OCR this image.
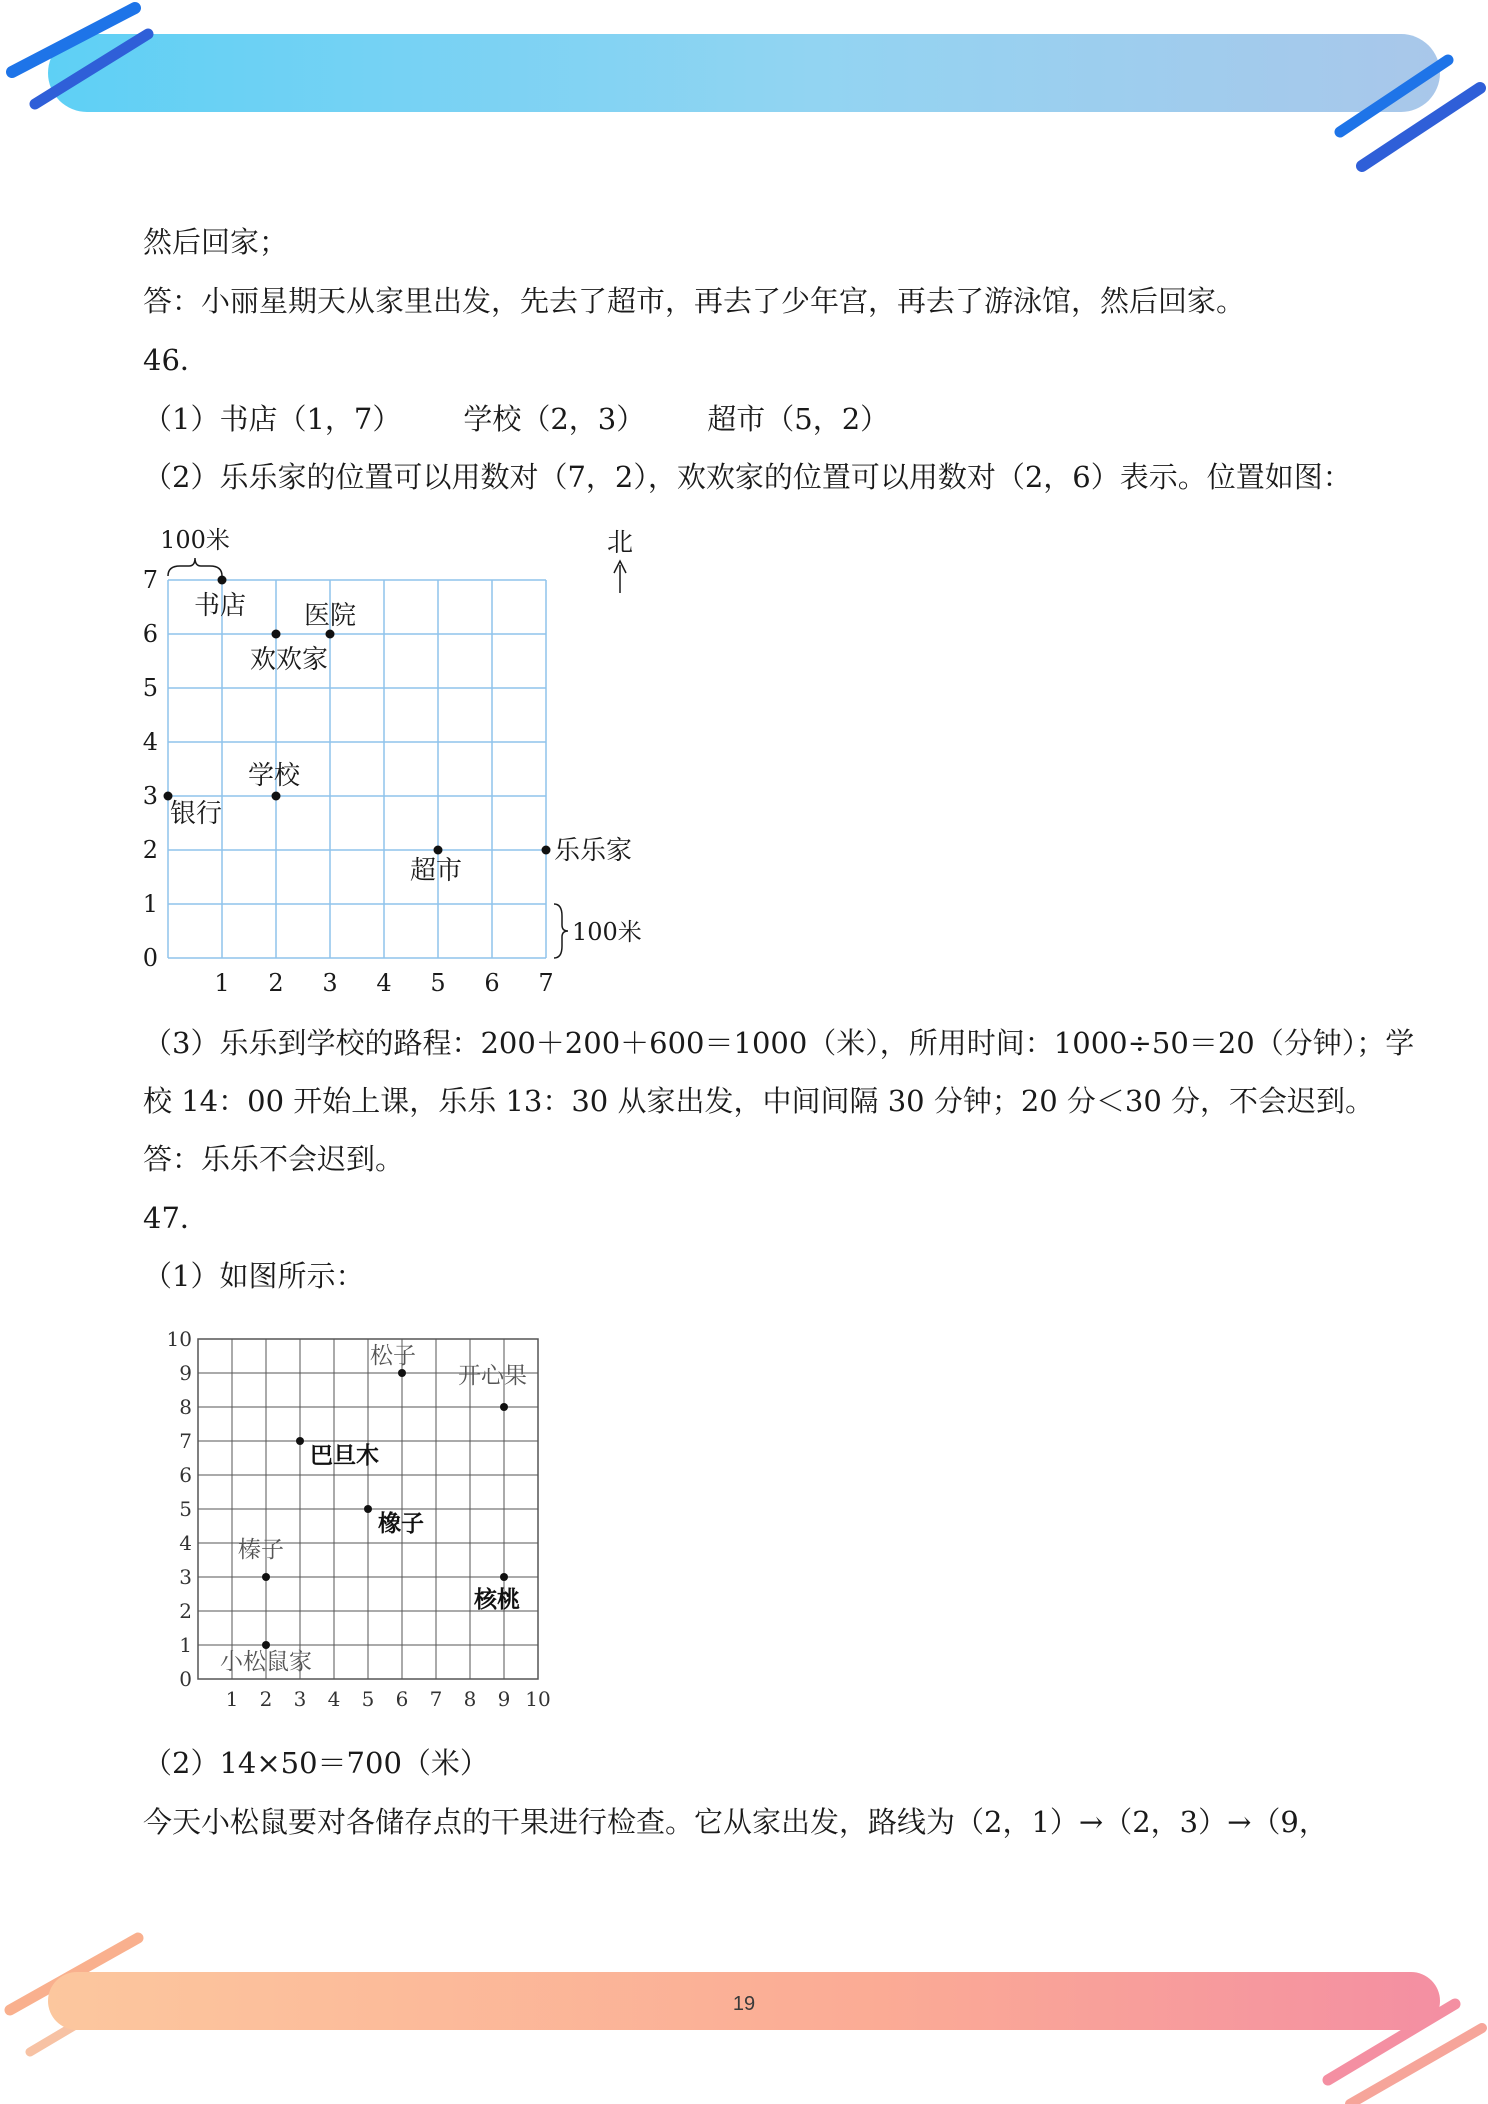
19
然后回家；
答：小丽星期天从家里出发，先去了超市，再去了少年宫，再去了游泳馆，然后回家。
46．
（1）书店（1，7） 学校（2，3） 超市（5，2）
（2）乐乐家的位置可以用数对（7，2），欢欢家的位置可以用数对（2，6）表示。位置如图：
0
1
2
3
4
5
6
7
1 2 3 4 5 6 7
100米
100米
北
书店 医院
欢欢家
学校
银行
超市
乐乐家
（3）乐乐到学校的路程：200＋200＋600＝1000（米），所用时间：1000÷50＝20（分钟）；学
校 14：00 开始上课，乐乐 13：30 从家出发，中间间隔 30 分钟；20 分＜30 分，不会迟到。
答：乐乐不会迟到。
47．
（1）如图所示：
0
1
2
3
4
5
6
7
8
9
10
1 2 3 4 5 6 7 8 9 10
松子
开心果
巴旦木
橡子
榛子
核桃
小松鼠家
（2）14×50＝700（米）
今天小松鼠要对各储存点的干果进行检查。它从家出发，路线为（2，1）→（2，3）→（9，
